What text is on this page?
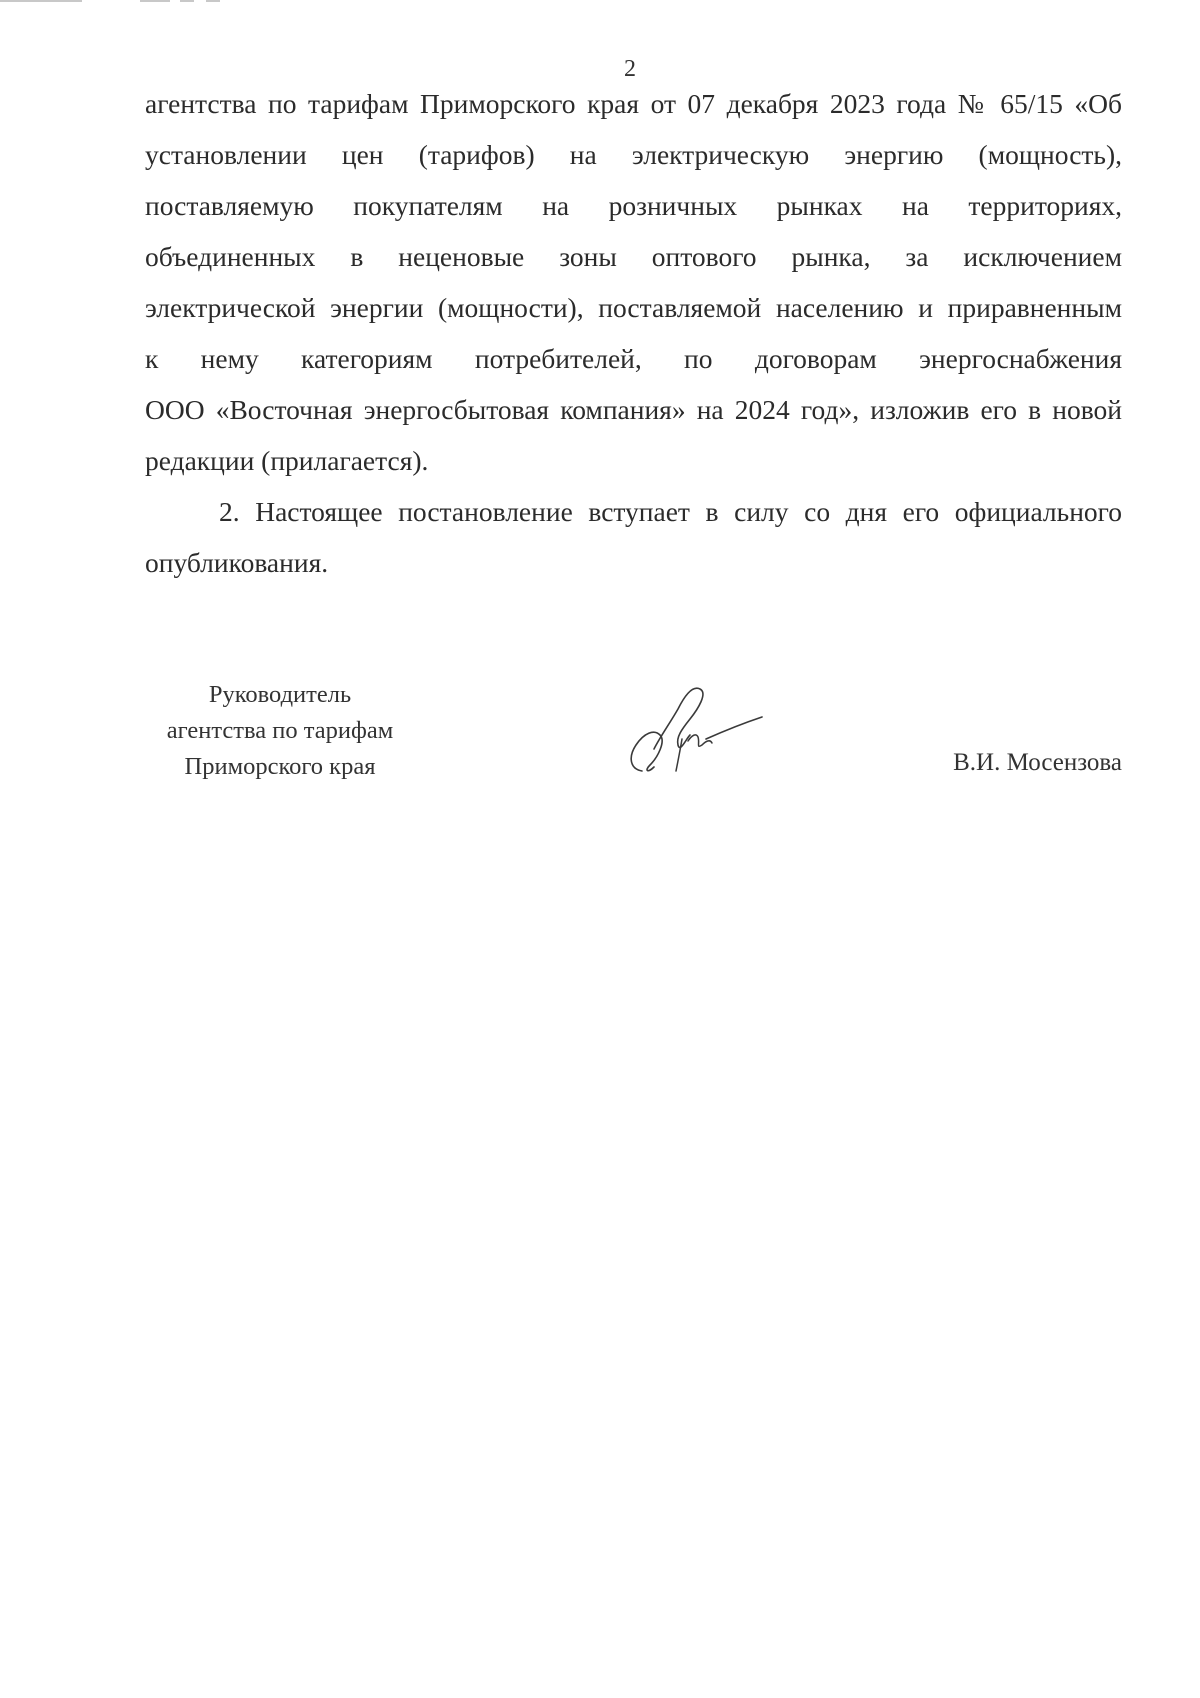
2
агентства по тарифам Приморского края от 07 декабря 2023 года № 65/15 «Об
установлении цен (тарифов) на электрическую энергию (мощность),
поставляемую покупателям на розничных рынках на территориях,
объединенных в неценовые зоны оптового рынка, за исключением
электрической энергии (мощности), поставляемой населению и приравненным
к нему категориям потребителей, по договорам энергоснабжения
ООО «Восточная энергосбытовая компания» на 2024 год», изложив его в новой
редакции (прилагается).
2. Настоящее постановление вступает в силу со дня его официального
опубликования.
Руководитель
агентства по тарифам
Приморского края	В.И. Мосензова
